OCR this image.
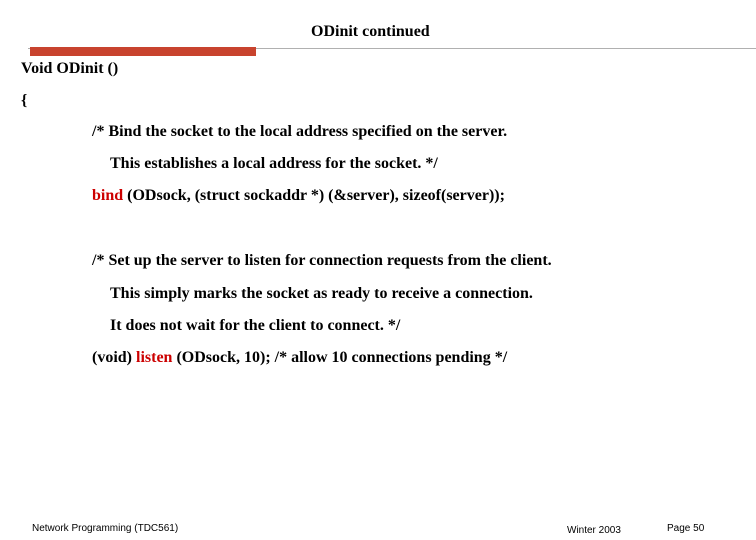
ODinit continued
Void ODinit ()
{
/* Bind the socket to the local address specified on the server.
This establishes a local address for the socket. */
bind (ODsock, (struct sockaddr *) (&server), sizeof(server));
/* Set up the server to listen for connection requests from the client.
This simply marks the socket as ready to receive a connection.
It does not wait for the client to connect. */
(void) listen (ODsock, 10); /* allow 10 connections pending */
Network Programming (TDC561)	Winter 2003	Page 50
